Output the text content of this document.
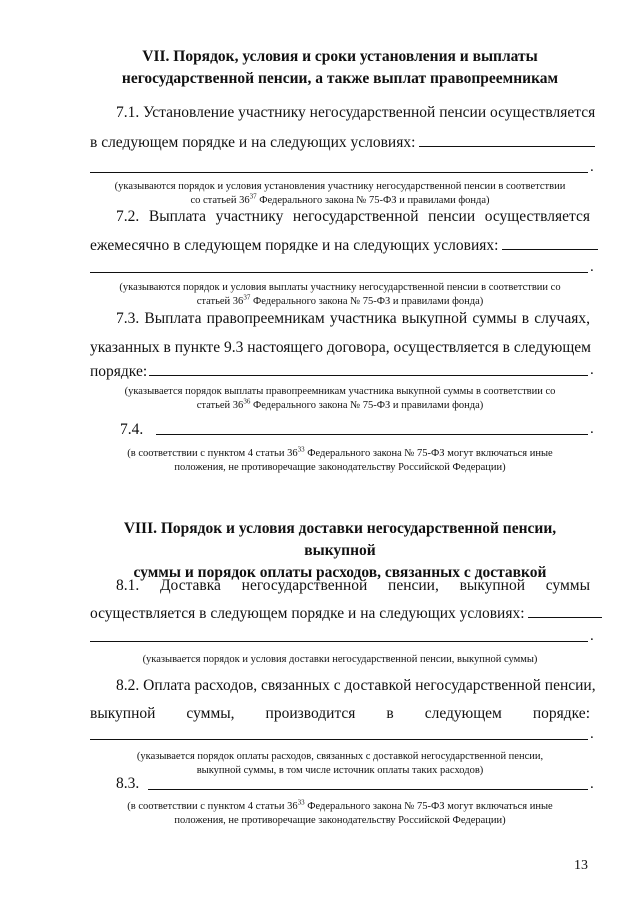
VII. Порядок, условия и сроки установления и выплаты
негосударственной пенсии, а также выплат правопреемникам
7.1. Установление участнику негосударственной пенсии осуществляется
в следующем порядке и на следующих условиях:
.
(указываются порядок и условия установления участнику негосударственной пенсии в соответствии
со статьей $36^{37}$ Федерального закона № 75-ФЗ и правилами фонда)
7.2. Выплата участнику негосударственной пенсии осуществляется
ежемесячно в следующем порядке и на следующих условиях:
.
(указываются порядок и условия выплаты участнику негосударственной пенсии в соответствии со
статьей $36^{37}$ Федерального закона № 75-ФЗ и правилами фонда)
7.3. Выплата правопреемникам участника выкупной суммы в случаях,
указанных в пункте 9.3 настоящего договора, осуществляется в следующем
порядке:	.
(указывается порядок выплаты правопреемникам участника выкупной суммы в соответствии со
статьей $36^{36}$ Федерального закона № 75-ФЗ и правилами фонда)
7.4.	.
(в соответствии с пунктом 4 статьи $36^{33}$ Федерального закона № 75-ФЗ могут включаться иные
положения, не противоречащие законодательству Российской Федерации)
VIII. Порядок и условия доставки негосударственной пенсии, выкупной
суммы и порядок оплаты расходов, связанных с доставкой
8.1. Доставка негосударственной пенсии, выкупной суммы
осуществляется в следующем порядке и на следующих условиях:
.
(указывается порядок и условия доставки негосударственной пенсии, выкупной суммы)
8.2. Оплата расходов, связанных с доставкой негосударственной пенсии,
выкупной суммы, производится в следующем порядке:
.
(указывается порядок оплаты расходов, связанных с доставкой негосударственной пенсии,
выкупной суммы, в том числе источник оплаты таких расходов)
8.3.	.
(в соответствии с пунктом 4 статьи $36^{33}$ Федерального закона № 75-ФЗ могут включаться иные
положения, не противоречащие законодательству Российской Федерации)
13
